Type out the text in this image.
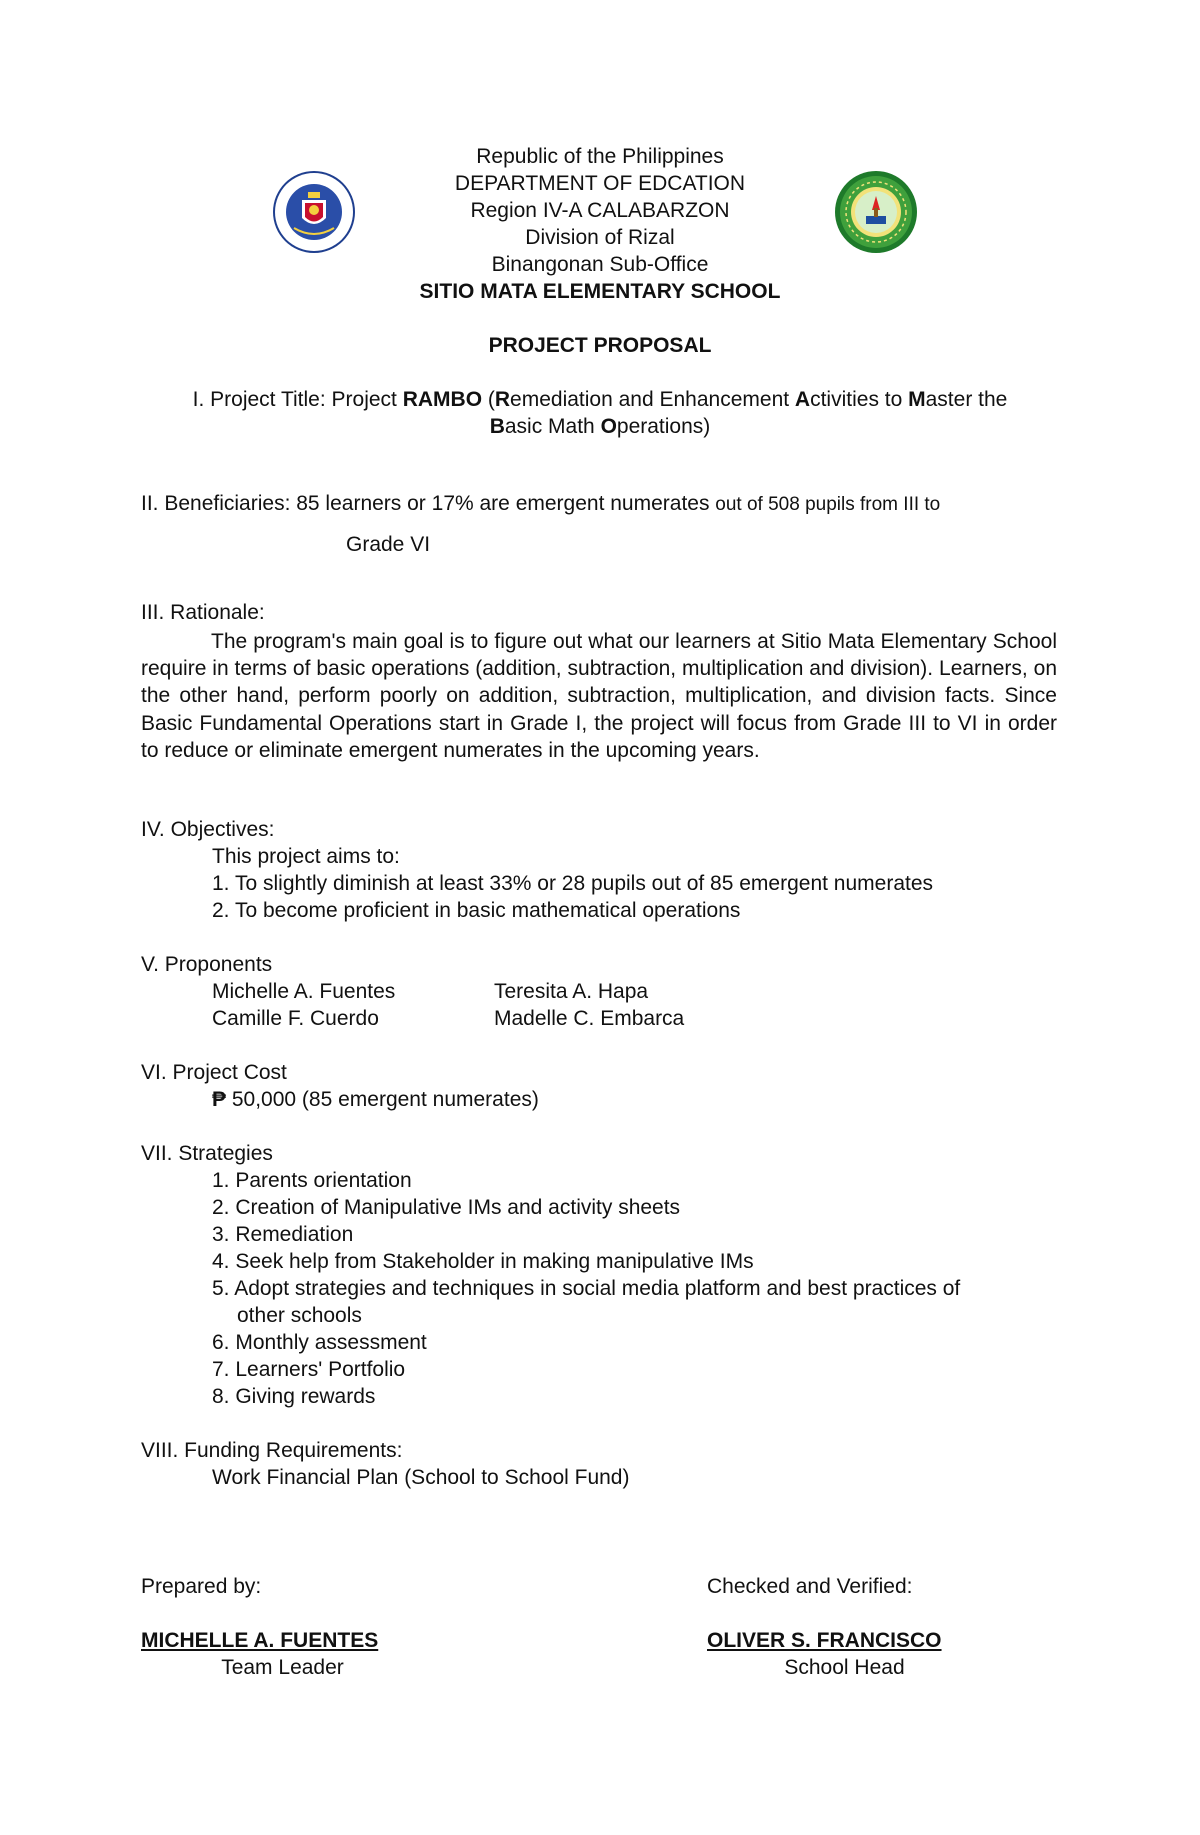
Republic of the Philippines
DEPARTMENT OF EDCATION
Region IV-A CALABARZON
Division of Rizal
Binangonan Sub-Office
SITIO MATA ELEMENTARY SCHOOL
PROJECT PROPOSAL
I. Project Title: Project RAMBO (Remediation and Enhancement Activities to Master the
Basic Math Operations)
II. Beneficiaries: 85 learners or 17% are emergent numerates out of 508 pupils from III to
Grade VI
III. Rationale:
The program's main goal is to figure out what our learners at Sitio Mata Elementary School require in terms of basic operations (addition, subtraction, multiplication and division). Learners, on the other hand, perform poorly on addition, subtraction, multiplication, and division facts. Since Basic Fundamental Operations start in Grade I, the project will focus from Grade III to VI in order to reduce or eliminate emergent numerates in the upcoming years.
IV. Objectives:
This project aims to:
1. To slightly diminish at least 33% or 28 pupils out of 85 emergent numerates
2. To become proficient in basic mathematical operations
V. Proponents
Michelle A. Fuentes	Teresita A. Hapa
Camille F. Cuerdo	Madelle C. Embarca
VI. Project Cost
₱ 50,000 (85 emergent numerates)
VII. Strategies
1. Parents orientation
2. Creation of Manipulative IMs and activity sheets
3. Remediation
4. Seek help from Stakeholder in making manipulative IMs
5. Adopt strategies and techniques in social media platform and best practices of
other schools
6. Monthly assessment
7. Learners' Portfolio
8. Giving rewards
VIII. Funding Requirements:
Work Financial Plan (School to School Fund)
Prepared by:	Checked and Verified:
MICHELLE A. FUENTES	OLIVER S. FRANCISCO
Team Leader	School Head
